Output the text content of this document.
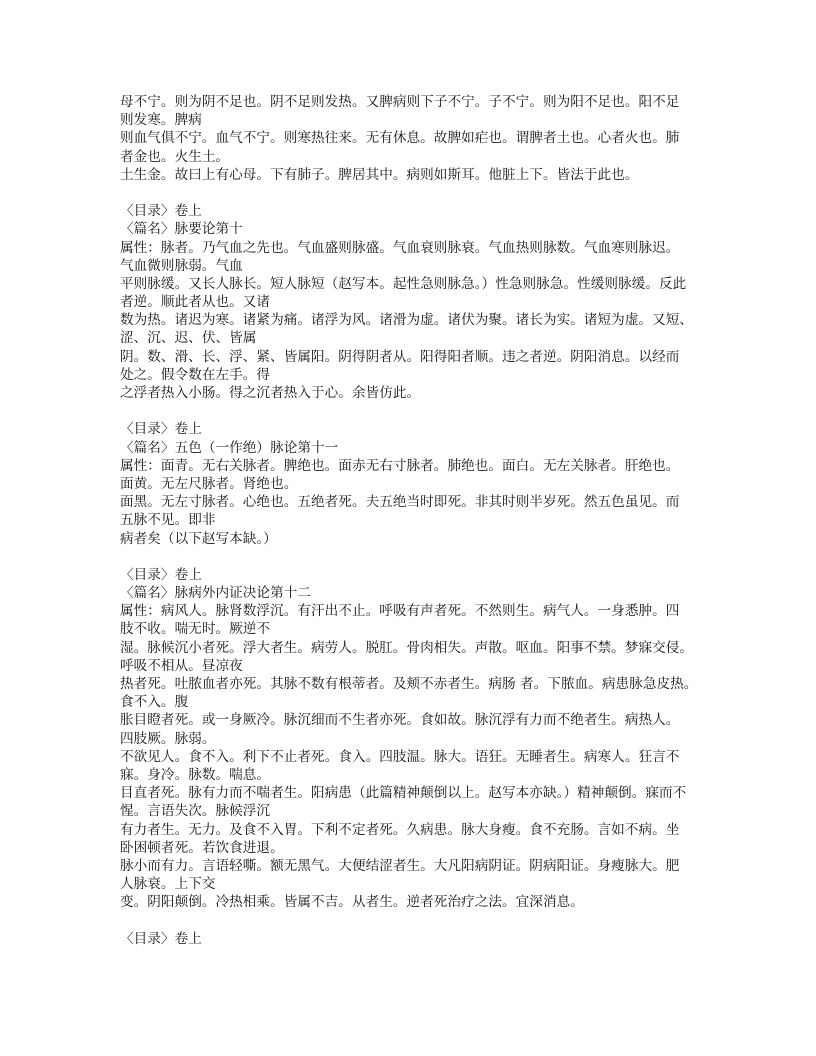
母不宁。则为阴不足也。阴不足则发热。又脾病则下子不宁。子不宁。则为阳不足也。阳不足
则发寒。脾病
则血气俱不宁。血气不宁。则寒热往来。无有休息。故脾如疟也。谓脾者土也。心者火也。肺
者金也。火生土。
土生金。故曰上有心母。下有肺子。脾居其中。病则如斯耳。他脏上下。皆法于此也。
〈目录〉卷上
〈篇名〉脉要论第十
属性：脉者。乃气血之先也。气血盛则脉盛。气血衰则脉衰。气血热则脉数。气血寒则脉迟。
气血微则脉弱。气血
平则脉缓。又长人脉长。短人脉短（赵写本。起性急则脉急。）性急则脉急。性缓则脉缓。反此
者逆。顺此者从也。又诸
数为热。诸迟为寒。诸紧为痛。诸浮为风。诸滑为虚。诸伏为聚。诸长为实。诸短为虚。又短、
涩、沉、迟、伏、皆属
阴。数、滑、长、浮、紧、皆属阳。阴得阴者从。阳得阳者顺。违之者逆。阴阳消息。以经而
处之。假令数在左手。得
之浮者热入小肠。得之沉者热入于心。余皆仿此。
〈目录〉卷上
〈篇名〉五色（一作绝）脉论第十一
属性：面青。无右关脉者。脾绝也。面赤无右寸脉者。肺绝也。面白。无左关脉者。肝绝也。
面黄。无左尺脉者。肾绝也。
面黑。无左寸脉者。心绝也。五绝者死。夫五绝当时即死。非其时则半岁死。然五色虽见。而
五脉不见。即非
病者矣（以下赵写本缺。）
〈目录〉卷上
〈篇名〉脉病外内证决论第十二
属性：病风人。脉肾数浮沉。有汗出不止。呼吸有声者死。不然则生。病气人。一身悉肿。四
肢不收。喘无时。厥逆不
湿。脉候沉小者死。浮大者生。病劳人。脱肛。骨肉相失。声散。呕血。阳事不禁。梦寐交侵。
呼吸不相从。昼凉夜
热者死。吐脓血者亦死。其脉不数有根蒂者。及颊不赤者生。病肠 者。下脓血。病患脉急皮热。
食不入。腹
胀目瞪者死。或一身厥冷。脉沉细而不生者亦死。食如故。脉沉浮有力而不绝者生。病热人。
四肢厥。脉弱。
不欲见人。食不入。利下不止者死。食入。四肢温。脉大。语狂。无睡者生。病寒人。狂言不
寐。身冷。脉数。喘息。
目直者死。脉有力而不喘者生。阳病患（此篇精神颠倒以上。赵写本亦缺。）精神颠倒。寐而不
惺。言语失次。脉候浮沉
有力者生。无力。及食不入胃。下利不定者死。久病患。脉大身瘦。食不充肠。言如不病。坐
卧困顿者死。若饮食进退。
脉小而有力。言语轻嘶。额无黑气。大便结涩者生。大凡阳病阴证。阴病阳证。身瘦脉大。肥
人脉衰。上下交
变。阴阳颠倒。冷热相乘。皆属不吉。从者生。逆者死治疗之法。宜深消息。
〈目录〉卷上
